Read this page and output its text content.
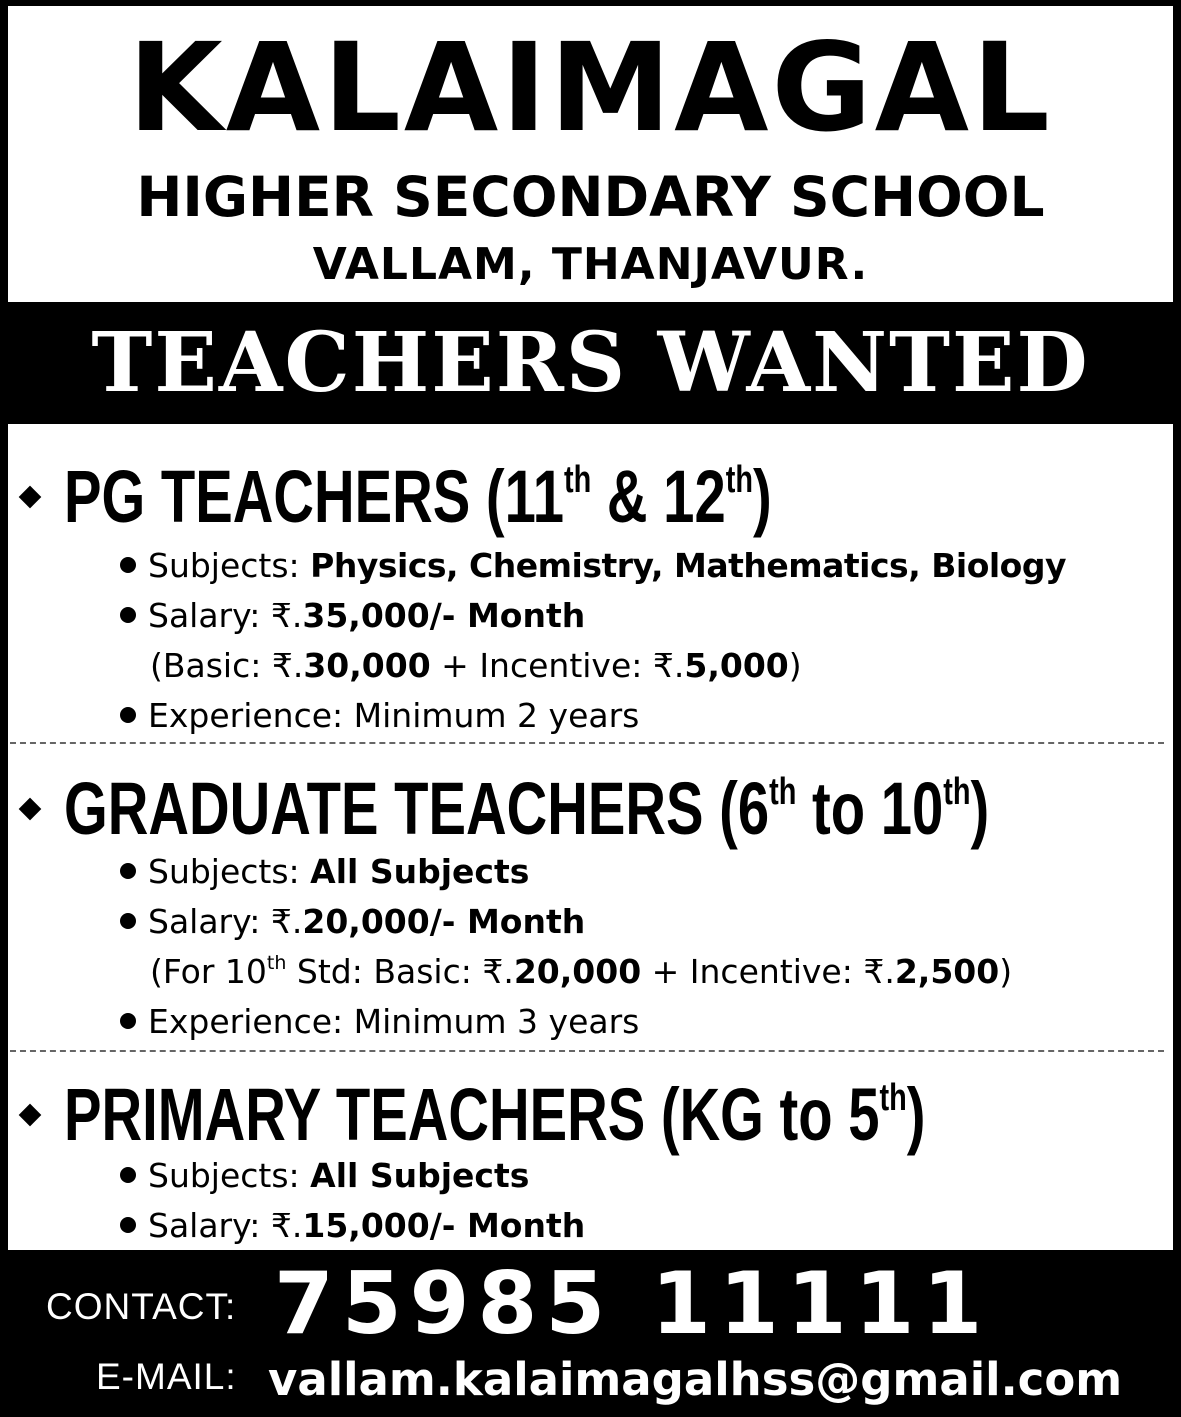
KALAIMAGAL
HIGHER SECONDARY SCHOOL
VALLAM, THANJAVUR.
TEACHERS WANTED
PG TEACHERS (11th & 12th)
Subjects: Physics, Chemistry, Mathematics, Biology
Salary: ₹.35,000/- Month
(Basic: ₹.30,000 + Incentive: ₹.5,000)
Experience: Minimum 2 years
GRADUATE TEACHERS (6th to 10th)
Subjects: All Subjects
Salary: ₹.20,000/- Month
(For 10th Std: Basic: ₹.20,000 + Incentive: ₹.2,500)
Experience: Minimum 3 years
PRIMARY TEACHERS (KG to 5th)
Subjects: All Subjects
Salary: ₹.15,000/- Month
CONTACT: 75985 11111
E-MAIL: vallam.kalaimagalhss@gmail.com
